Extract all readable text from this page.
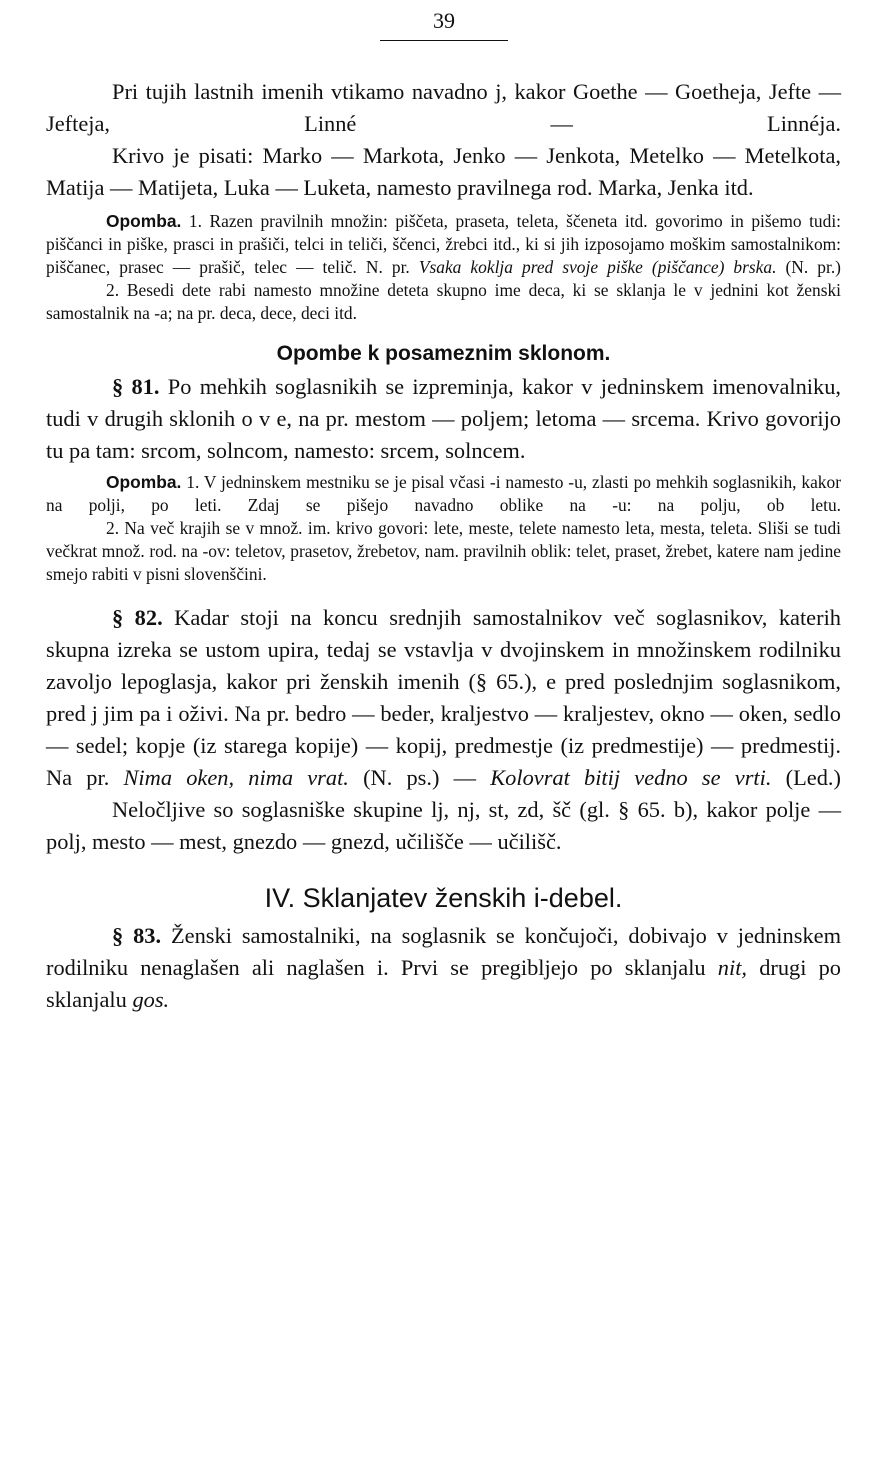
39

Pri tujih lastnih imenih vtikamo navadno j, kakor Goethe — Goetheja, Jefte — Jefteja, Linné — Linnéja.

Krivo je pisati: Marko — Markota, Jenko — Jenkota, Metelko — Metelkota, Matija — Matijeta, Luka — Luketa, namesto pravilnega rod. Marka, Jenka itd.

Opomba. 1. Razen pravilnih množin: piščeta, praseta, teleta, ščeneta itd. govorimo in pišemo tudi: piščanci in piške, prasci in prašiči, telci in teliči, ščenci, žrebci itd., ki si jih izposojamo moškim samostalnikom: piščanec, prasec — prašič, telec — telič. N. pr. Vsaka koklja pred svoje piške (piščance) brska. (N. pr.)

2. Besedi dete rabi namesto množine deteta skupno ime deca, ki se sklanja le v jednini kot ženski samostalnik na -a; na pr. deca, dece, deci itd.

Opombe k posameznim sklonom.

§ 81. Po mehkih soglasnikih se izpreminja, kakor v jedninskem imenovalniku, tudi v drugih sklonih o v e, na pr. mestom — poljem; letoma — srcema. Krivo govorijo tu pa tam: srcom, solncom, namesto: srcem, solncem.

Opomba. 1. V jedninskem mestniku se je pisal včasi -i namesto -u, zlasti po mehkih soglasnikih, kakor na polji, po leti. Zdaj se pišejo navadno oblike na -u: na polju, ob letu.

2. Na več krajih se v množ. im. krivo govori: lete, meste, telete namesto leta, mesta, teleta. Sliši se tudi večkrat množ. rod. na -ov: teletov, prasetov, žrebetov, nam. pravilnih oblik: telet, praset, žrebet, katere nam jedine smejo rabiti v pisni slovenščini.

§ 82. Kadar stoji na koncu srednjih samostalnikov več soglasnikov, katerih skupna izreka se ustom upira, tedaj se vstavlja v dvojinskem in množinskem rodilniku zavoljo lepoglasja, kakor pri ženskih imenih (§ 65.), e pred poslednjim soglasnikom, pred j jim pa i oživi. Na pr. bedro — beder, kraljestvo — kraljestev, okno — oken, sedlo — sedel; kopje (iz starega kopije) — kopij, predmestje (iz predmestije) — predmestij. Na pr. Nima oken, nima vrat. (N. ps.) — Kolovrat bitij vedno se vrti. (Led.)

Neločljive so soglasniške skupine lj, nj, st, zd, šč (gl. § 65. b), kakor polje — polj, mesto — mest, gnezdo — gnezd, učilišče — učilišč.

IV. Sklanjatev ženskih i-debel.

§ 83. Ženski samostalniki, na soglasnik se končujoči, dobivajo v jedninskem rodilniku nenaglašen ali naglašen i. Prvi se pregibljejo po sklanjalu nit, drugi po sklanjalu gos.
